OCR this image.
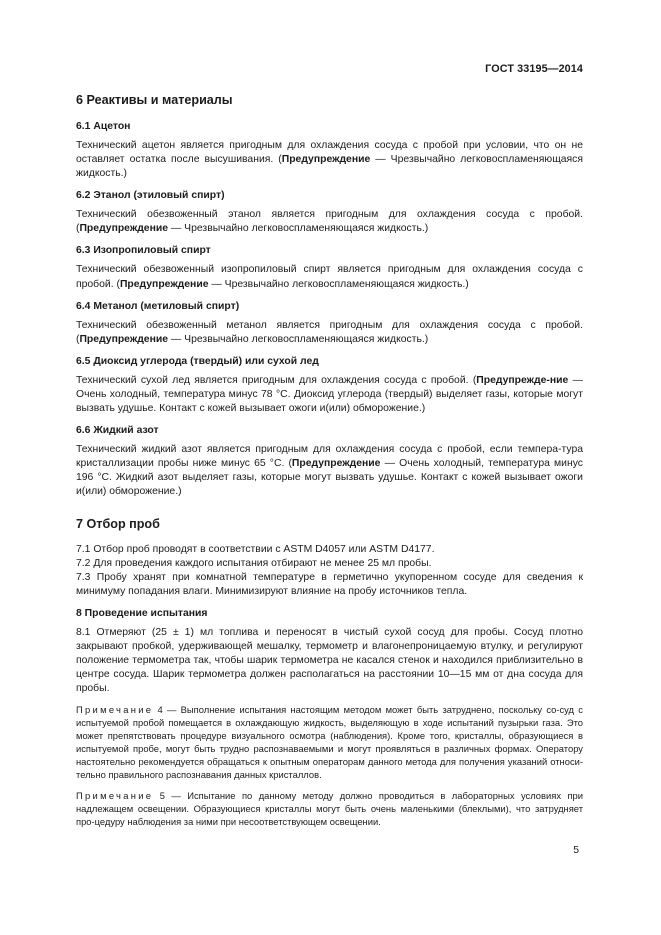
ГОСТ 33195—2014
6 Реактивы и материалы
6.1 Ацетон

Технический ацетон является пригодным для охлаждения сосуда с пробой при условии, что он не оставляет остатка после высушивания. (Предупреждение — Чрезвычайно легковоспламеняющаяся жидкость.)

6.2 Этанол (этиловый спирт)

Технический обезвоженный этанол является пригодным для охлаждения сосуда с пробой. (Предупреждение — Чрезвычайно легковоспламеняющаяся жидкость.)

6.3 Изопропиловый спирт

Технический обезвоженный изопропиловый спирт является пригодным для охлаждения сосуда с пробой. (Предупреждение — Чрезвычайно легковоспламеняющаяся жидкость.)

6.4 Метанол (метиловый спирт)

Технический обезвоженный метанол является пригодным для охлаждения сосуда с пробой. (Предупреждение — Чрезвычайно легковоспламеняющаяся жидкость.)

6.5 Диоксид углерода (твердый) или сухой лед

Технический сухой лед является пригодным для охлаждения сосуда с пробой. (Предупрежде-ние — Очень холодный, температура минус 78 °С. Диоксид углерода (твердый) выделяет газы, которые могут вызвать удушье. Контакт с кожей вызывает ожоги и(или) обморожение.)

6.6 Жидкий азот

Технический жидкий азот является пригодным для охлаждения сосуда с пробой, если темпера-тура кристаллизации пробы ниже минус 65 °С. (Предупреждение — Очень холодный, температура минус 196 °С. Жидкий азот выделяет газы, которые могут вызвать удушье. Контакт с кожей вызывает ожоги и(или) обморожение.)

7 Отбор проб

7.1 Отбор проб проводят в соответствии с ASTM D4057 или ASTM D4177.

7.2 Для проведения каждого испытания отбирают не менее 25 мл пробы.

7.3 Пробу хранят при комнатной температуре в герметично укупоренном сосуде для сведения к минимуму попадания влаги. Минимизируют влияние на пробу источников тепла.

8 Проведение испытания

8.1 Отмеряют (25 ± 1) мл топлива и переносят в чистый сухой сосуд для пробы. Сосуд плотно закрывают пробкой, удерживающей мешалку, термометр и влагонепроницаемую втулку, и регулируют положение термометра так, чтобы шарик термометра не касался стенок и находился приблизительно в центре сосуда. Шарик термометра должен располагаться на расстоянии 10—15 мм от дна сосуда для пробы.

Примечание 4 — Выполнение испытания настоящим методом может быть затруднено, поскольку со-суд с испытуемой пробой помещается в охлаждающую жидкость, выделяющую в ходе испытаний пузырьки газа. Это может препятствовать процедуре визуального осмотра (наблюдения). Кроме того, кристаллы, образующиеся в испытуемой пробе, могут быть трудно распознаваемыми и могут проявляться в различных формах. Оператору настоятельно рекомендуется обращаться к опытным операторам данного метода для получения указаний относи-тельно правильного распознавания данных кристаллов.

Примечание 5 — Испытание по данному методу должно проводиться в лабораторных условиях при надлежащем освещении. Образующиеся кристаллы могут быть очень маленькими (блеклыми), что затрудняет про-цедуру наблюдения за ними при несоответствующем освещении.

5
